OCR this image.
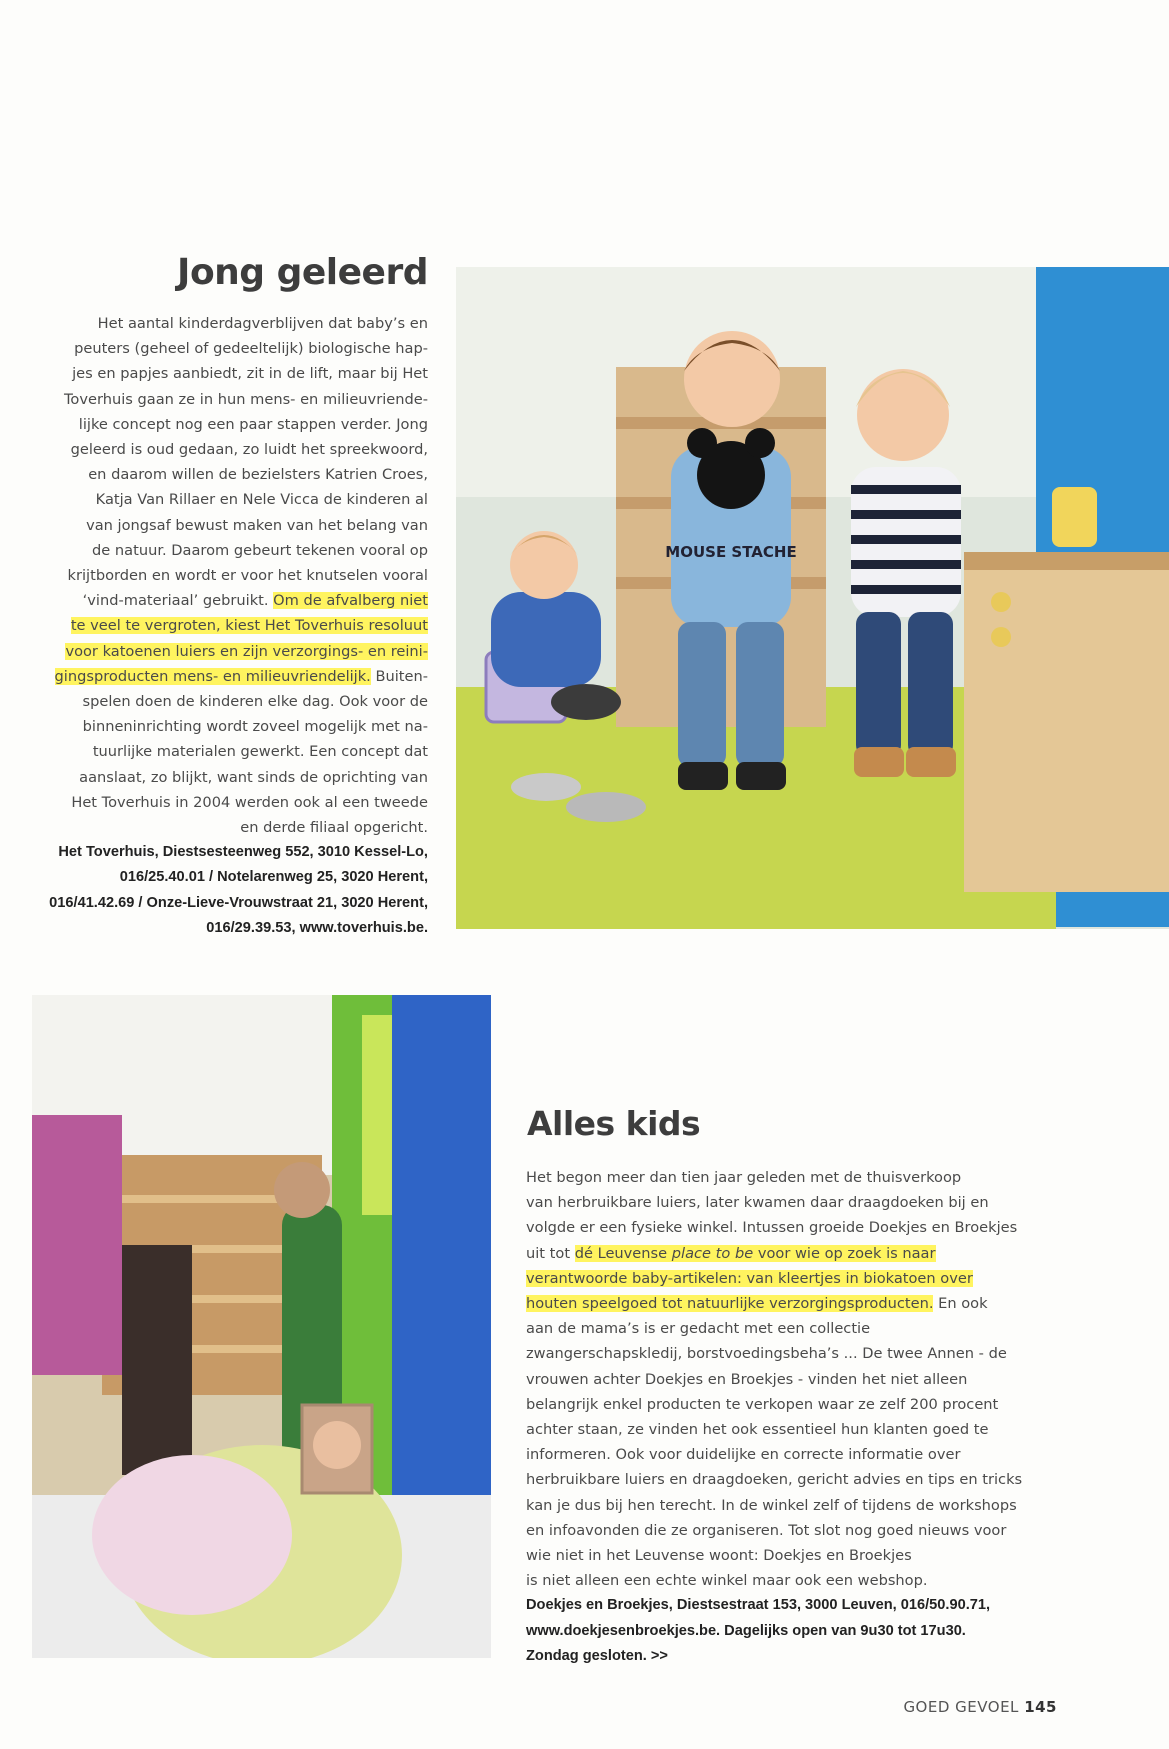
Jong geleerd
Het aantal kinderdagverblijven dat baby’s en
peuters (geheel of gedeeltelijk) biologische hap-
jes en papjes aanbiedt, zit in de lift, maar bij Het
Toverhuis gaan ze in hun mens- en milieuvriende-
lijke concept nog een paar stappen verder. Jong
geleerd is oud gedaan, zo luidt het spreekwoord,
en daarom willen de bezielsters Katrien Croes,
Katja Van Rillaer en Nele Vicca de kinderen al
van jongsaf bewust maken van het belang van
de natuur. Daarom gebeurt tekenen vooral op
krijtborden en wordt er voor het knutselen vooral
‘vind-materiaal’ gebruikt. Om de afvalberg niet
te veel te vergroten, kiest Het Toverhuis resoluut
voor katoenen luiers en zijn verzorgings- en reini-
gingsproducten mens- en milieuvriendelijk. Buiten-
spelen doen de kinderen elke dag. Ook voor de
binneninrichting wordt zoveel mogelijk met na-
tuurlijke materialen gewerkt. Een concept dat
aanslaat, zo blijkt, want sinds de oprichting van
Het Toverhuis in 2004 werden ook al een tweede
en derde filiaal opgericht.
Het Toverhuis, Diestsesteenweg 552, 3010 Kessel-Lo,
016/25.40.01 / Notelarenweg 25, 3020 Herent,
016/41.42.69 / Onze-Lieve-Vrouwstraat 21, 3020 Herent,
016/29.39.53, www.toverhuis.be.
MOUSE STACHE
Alles kids
Het begon meer dan tien jaar geleden met de thuisverkoop
van herbruikbare luiers, later kwamen daar draagdoeken bij en
volgde er een fysieke winkel. Intussen groeide Doekjes en Broekjes
uit tot dé Leuvense place to be voor wie op zoek is naar
verantwoorde baby-artikelen: van kleertjes in biokatoen over
houten speelgoed tot natuurlijke verzorgingsproducten. En ook
aan de mama’s is er gedacht met een collectie
zwangerschapskledij, borstvoedingsbeha’s ... De twee Annen - de
vrouwen achter Doekjes en Broekjes - vinden het niet alleen
belangrijk enkel producten te verkopen waar ze zelf 200 procent
achter staan, ze vinden het ook essentieel hun klanten goed te
informeren. Ook voor duidelijke en correcte informatie over
herbruikbare luiers en draagdoeken, gericht advies en tips en tricks
kan je dus bij hen terecht. In de winkel zelf of tijdens de workshops
en infoavonden die ze organiseren. Tot slot nog goed nieuws voor
wie niet in het Leuvense woont: Doekjes en Broekjes
is niet alleen een echte winkel maar ook een webshop.
Doekjes en Broekjes, Diestsestraat 153, 3000 Leuven, 016/50.90.71,
www.doekjesenbroekjes.be. Dagelijks open van 9u30 tot 17u30.
Zondag gesloten. >>
GOED GEVOEL 145
